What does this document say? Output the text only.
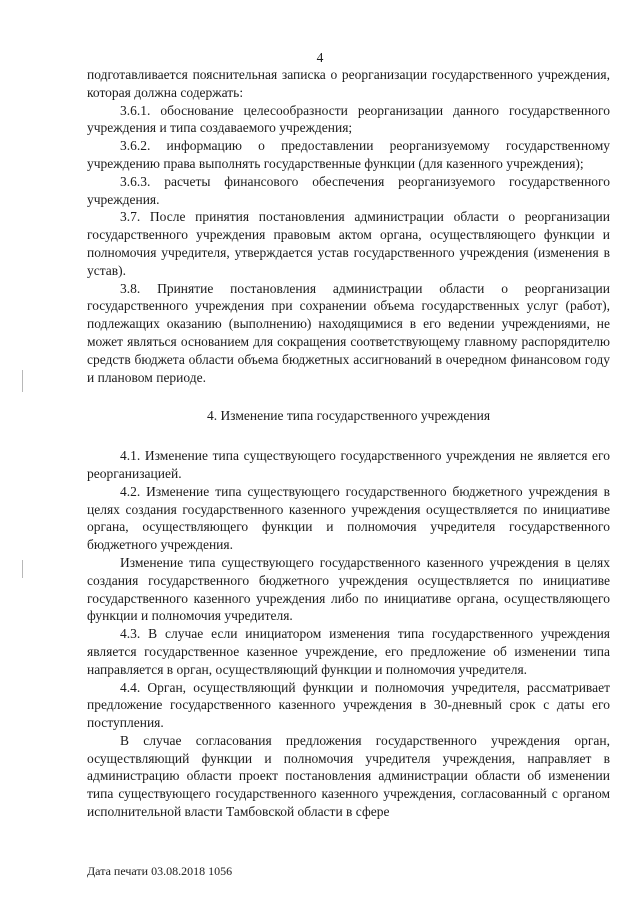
4

подготавливается пояснительная записка о реорганизации государственного учреждения, которая должна содержать:

3.6.1. обоснование целесообразности реорганизации данного государственного учреждения и типа создаваемого учреждения;

3.6.2. информацию о предоставлении реорганизуемому государственному учреждению права выполнять государственные функции (для казенного учреждения);

3.6.3. расчеты финансового обеспечения реорганизуемого государственного учреждения.

3.7. После принятия постановления администрации области о реорганизации государственного учреждения правовым актом органа, осуществляющего функции и полномочия учредителя, утверждается устав государственного учреждения (изменения в устав).

3.8. Принятие постановления администрации области о реорганизации государственного учреждения при сохранении объема государственных услуг (работ), подлежащих оказанию (выполнению) находящимися в его ведении учреждениями, не может являться основанием для сокращения соответствующему главному распорядителю средств бюджета области объема бюджетных ассигнований в очередном финансовом году и плановом периоде.

4. Изменение типа государственного учреждения

4.1. Изменение типа существующего государственного учреждения не является его реорганизацией.

4.2. Изменение типа существующего государственного бюджетного учреждения в целях создания государственного казенного учреждения осуществляется по инициативе органа, осуществляющего функции и полномочия учредителя государственного бюджетного учреждения.

Изменение типа существующего государственного казенного учреждения в целях создания государственного бюджетного учреждения осуществляется по инициативе государственного казенного учреждения либо по инициативе органа, осуществляющего функции и полномочия учредителя.

4.3. В случае если инициатором изменения типа государственного учреждения является государственное казенное учреждение, его предложение об изменении типа направляется в орган, осуществляющий функции и полномочия учредителя.

4.4. Орган, осуществляющий функции и полномочия учредителя, рассматривает предложение государственного казенного учреждения в 30-дневный срок с даты его поступления.

В случае согласования предложения государственного учреждения орган, осуществляющий функции и полномочия учредителя учреждения, направляет в администрацию области проект постановления администрации области об изменении типа существующего государственного казенного учреждения, согласованный с органом исполнительной власти Тамбовской области в сфере

Дата печати 03.08.2018 1056
